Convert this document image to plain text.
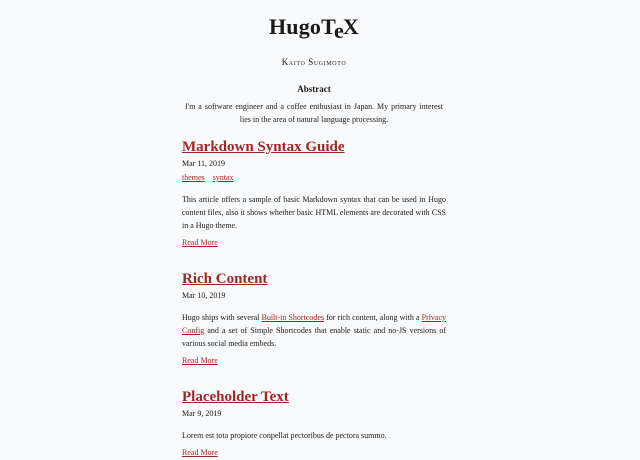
HugoTeX
Kaito Sugimoto
Abstract

I'm a software engineer and a coffee enthusiast in Japan. My primary interest lies in the area of natural language processing.

Markdown Syntax Guide
Mar 11, 2019
themes syntax

This article offers a sample of basic Markdown syntax that can be used in Hugo content files, also it shows whether basic HTML elements are decorated with CSS in a Hugo theme.

Read More
Rich Content
Mar 10, 2019

Hugo ships with several Built-in Shortcodes for rich content, along with a Privacy Config and a set of Simple Shortcodes that enable static and no-JS versions of various social media embeds.

Read More
Placeholder Text
Mar 9, 2019

Lorem est tota propiore conpellat pectoribus de pectora summo.

Read More
